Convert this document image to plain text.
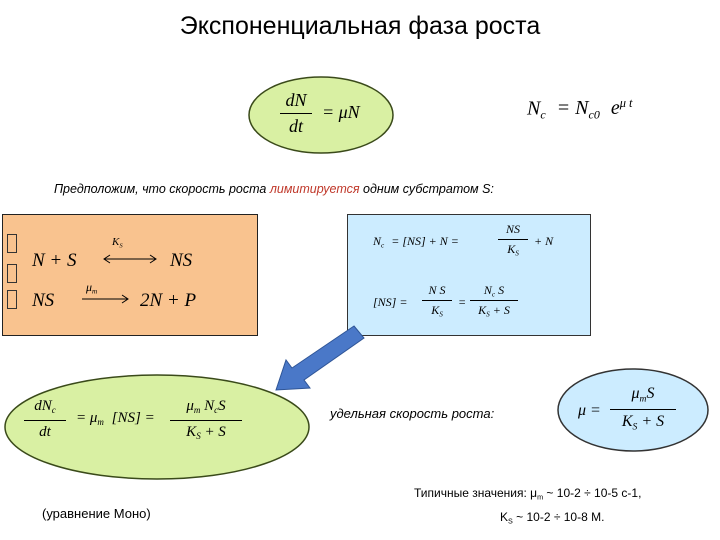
Экспоненциальная фаза роста
dN
dt
= μN	$N_c = N_{c0}$ $e^{\mu t}$
Предположим, что скорость роста лимитируется одним субстратом S:
N + S
$K_S$
NS
NS
$\mu_m$ 2N + P
$N_c = [NS] + N$ =
NS
$K_S$
+ N
[NS] =
N S
$K_S$
=
$N_c$ S
$K_S + S$
$dN_c$
dt
= $\mu_m$ [NS] =
$\mu_m$ $N_cS$
$K_S + S$
удельная скорость роста:	μ =
$\mu_mS$
$K_S + S$
(уравнение Моно)
Типичные значения: $\mu_m$ ~ 10-2 ÷ 10-5 с-1,
$K_S$ ~ 10-2 ÷ 10-8 М.
